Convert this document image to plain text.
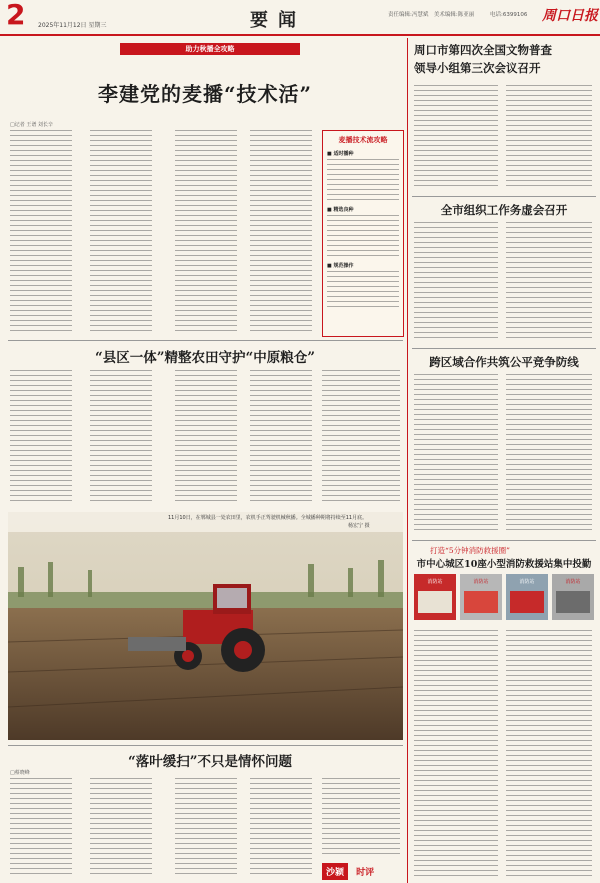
2 2025年11月12日 星期三	要闻	责任编辑:冯慧斌　美术编辑:陈亚丽	电话:6399106 周口日报
助力秋播全攻略
李建党的麦播“技术活”
□记者 王谱 刘长辛
麦播技术流攻略
■ 适时播种
■ 精选良种
■ 规范操作
“县区一体”精整农田守护“中原粮仓”
11月10日，在郸城县一处农田里，农机手正驾驶机械秋播。全城播种期将持续至11月底。
杨宏宁 摄
“落叶缓扫”不只是情怀问题
□蔡晓峰
沙颍 时评
周口市第四次全国文物普查
领导小组第三次会议召开
全市组织工作务虚会召开
跨区域合作共筑公平竞争防线
打造“5分钟消防救援圈”
市中心城区10座小型消防救援站集中投勤
消防站	消防站	消防站	消防站
